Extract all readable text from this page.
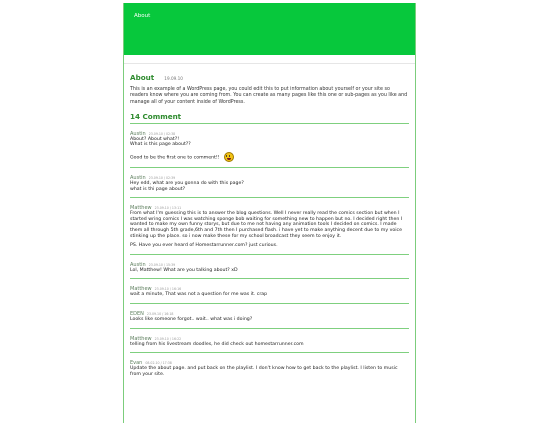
About
About 19.09.10
This is an example of a WordPress page, you could edit this to put information about yourself or your site so readers know where you are coming from. You can create as many pages like this one or sub-pages as you like and manage all of your content inside of WordPress.
14 Comment
Austin 23.09.10 / 02:38

About? About what?!
What is this page about??

Good to be the first one to comment!!

Austin 23.09.10 / 02:39

Hey edd, what are you gonna do with this page?
what is thi page about?

Matthew 23.09.10 / 13:11

From what I'm guessing this is to answer the blog questions. Well I never really read the comics section but when I started wring comics I was watching sponge bob waiting for something new to happen but no. I decided right then I wanted to make my own funny storys, but due to me not having any animation tools I decided on comics. I made them all through 5th grade,6th and 7th then I purchased flash. i have yet to make anything decent due to my voice stinking up the place. so i now make these for my school broadcast they seem to enjoy it.

PS. Have you ever heard of Homestarrunner.com? just curious.

Austin 23.09.10 / 15:39

Lol, Matthew! What are you talking about? xD

Matthew 23.09.10 / 16:16

wait a minute, That was not a question for me was it. crap

EDEN 23.09.10 / 16:18

Looks like someone forgot.. wait.. what was i doing?

Matthew 23.09.10 / 16:22

telling from his livestream doodles, he did check out homestarrunner.com

Evan 08.02.10 / 17:38

Update the about page. and put back on the playlist. I don't know how to get back to the playlist. I listen to music from your site.
